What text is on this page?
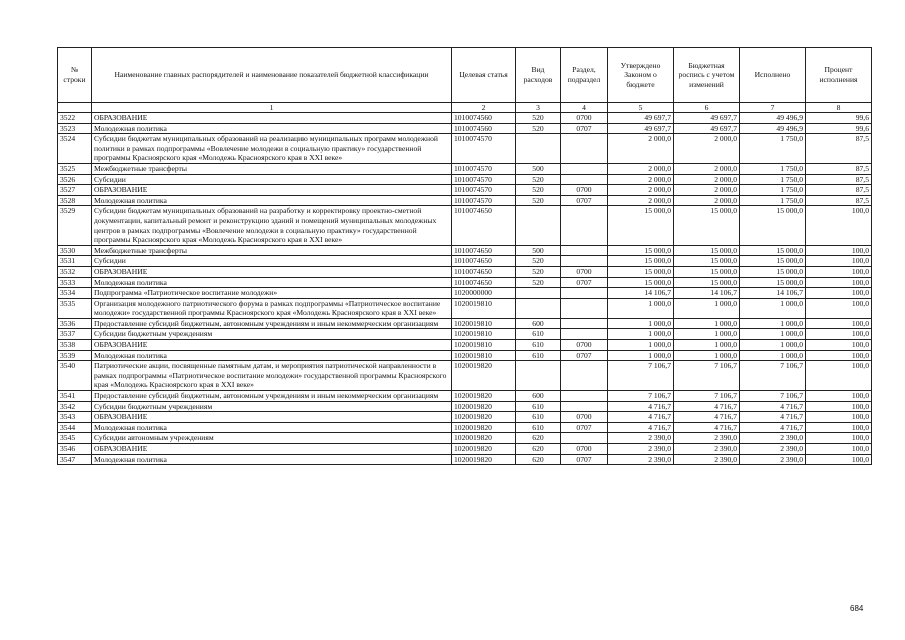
№ строки	Наименование главных распорядителей и наименование показателей бюджетной классификации	Целевая статья	Вид расходов	Раздел, подраздел	Утверждено Законом о бюджете	Бюджетная роспись с учетом изменений	Исполнено	Процент исполнения
	1	2	3	4	5	6	7	8
3522	ОБРАЗОВАНИЕ	1010074560	520	0700	49 697,7	49 697,7	49 496,9	99,6
3523	Молодежная политика	1010074560	520	0707	49 697,7	49 697,7	49 496,9	99,6
3524	Субсидии бюджетам муниципальных образований на реализацию муниципальных программ молодежной политики в рамках подпрограммы «Вовлечение молодежи в социальную практику» государственной программы Красноярского края «Молодежь Красноярского края в XXI веке»	1010074570			2 000,0	2 000,0	1 750,0	87,5
3525	Межбюджетные трансферты	1010074570	500		2 000,0	2 000,0	1 750,0	87,5
3526	Субсидии	1010074570	520		2 000,0	2 000,0	1 750,0	87,5
3527	ОБРАЗОВАНИЕ	1010074570	520	0700	2 000,0	2 000,0	1 750,0	87,5
3528	Молодежная политика	1010074570	520	0707	2 000,0	2 000,0	1 750,0	87,5
3529	Субсидии бюджетам муниципальных образований на разработку и корректировку проектно-сметной документации, капитальный ремонт и реконструкцию зданий и помещений муниципальных молодежных центров в рамках подпрограммы «Вовлечение молодежи в социальную практику» государственной программы Красноярского края «Молодежь Красноярского края в XXI веке»	1010074650			15 000,0	15 000,0	15 000,0	100,0
3530	Межбюджетные трансферты	1010074650	500		15 000,0	15 000,0	15 000,0	100,0
3531	Субсидии	1010074650	520		15 000,0	15 000,0	15 000,0	100,0
3532	ОБРАЗОВАНИЕ	1010074650	520	0700	15 000,0	15 000,0	15 000,0	100,0
3533	Молодежная политика	1010074650	520	0707	15 000,0	15 000,0	15 000,0	100,0
3534	Подпрограмма «Патриотическое воспитание молодежи»	1020000000			14 106,7	14 106,7	14 106,7	100,0
3535	Организация молодежного патриотического форума в рамках подпрограммы «Патриотическое воспитание молодежи» государственной программы Красноярского края «Молодежь Красноярского края в XXI веке»	1020019810			1 000,0	1 000,0	1 000,0	100,0
3536	Предоставление субсидий бюджетным, автономным учреждениям и иным некоммерческим организациям	1020019810	600		1 000,0	1 000,0	1 000,0	100,0
3537	Субсидии бюджетным учреждениям	1020019810	610		1 000,0	1 000,0	1 000,0	100,0
3538	ОБРАЗОВАНИЕ	1020019810	610	0700	1 000,0	1 000,0	1 000,0	100,0
3539	Молодежная политика	1020019810	610	0707	1 000,0	1 000,0	1 000,0	100,0
3540	Патриотические акции, посвященные памятным датам, и мероприятия патриотической направленности в рамках подпрограммы «Патриотическое воспитание молодежи» государственной программы Красноярского края «Молодежь Красноярского края в XXI веке»	1020019820			7 106,7	7 106,7	7 106,7	100,0
3541	Предоставление субсидий бюджетным, автономным учреждениям и иным некоммерческим организациям	1020019820	600		7 106,7	7 106,7	7 106,7	100,0
3542	Субсидии бюджетным учреждениям	1020019820	610		4 716,7	4 716,7	4 716,7	100,0
3543	ОБРАЗОВАНИЕ	1020019820	610	0700	4 716,7	4 716,7	4 716,7	100,0
3544	Молодежная политика	1020019820	610	0707	4 716,7	4 716,7	4 716,7	100,0
3545	Субсидии автономным учреждениям	1020019820	620		2 390,0	2 390,0	2 390,0	100,0
3546	ОБРАЗОВАНИЕ	1020019820	620	0700	2 390,0	2 390,0	2 390,0	100,0
3547	Молодежная политика	1020019820	620	0707	2 390,0	2 390,0	2 390,0	100,0
684
